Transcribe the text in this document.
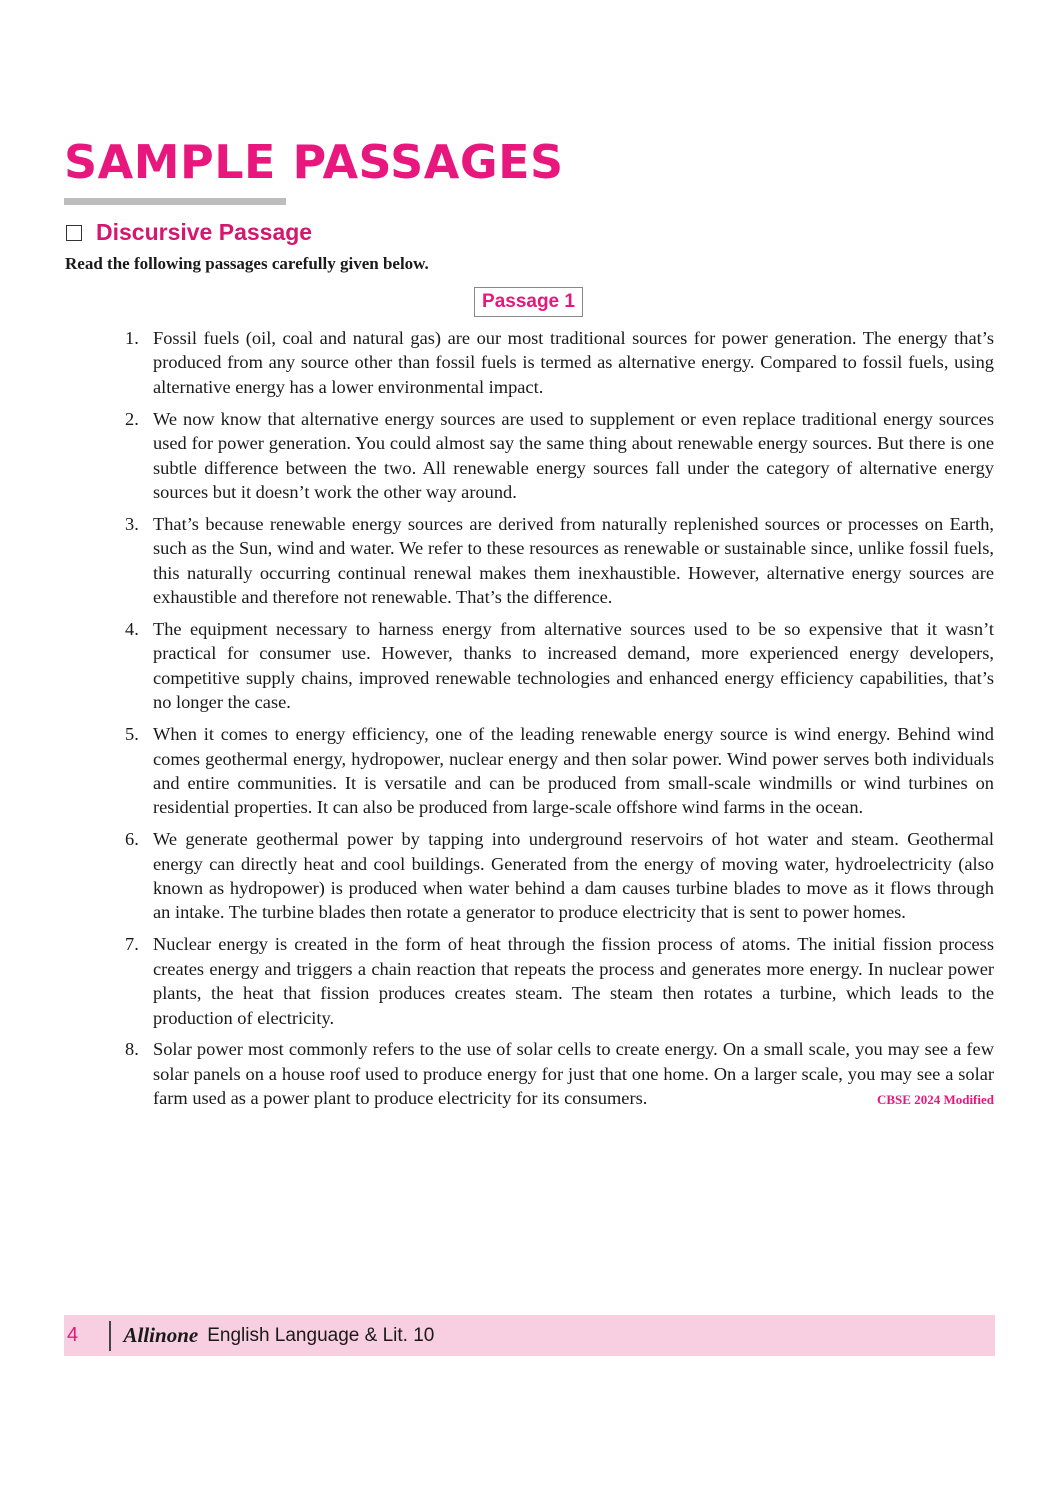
SAMPLE PASSAGES
Discursive Passage
Read the following passages carefully given below.
Passage 1
1. Fossil fuels (oil, coal and natural gas) are our most traditional sources for power generation. The energy that’s produced from any source other than fossil fuels is termed as alternative energy. Compared to fossil fuels, using alternative energy has a lower environmental impact.
2. We now know that alternative energy sources are used to supplement or even replace traditional energy sources used for power generation. You could almost say the same thing about renewable energy sources. But there is one subtle difference between the two. All renewable energy sources fall under the category of alternative energy sources but it doesn’t work the other way around.
3. That’s because renewable energy sources are derived from naturally replenished sources or processes on Earth, such as the Sun, wind and water. We refer to these resources as renewable or sustainable since, unlike fossil fuels, this naturally occurring continual renewal makes them inexhaustible. However, alternative energy sources are exhaustible and therefore not renewable. That’s the difference.
4. The equipment necessary to harness energy from alternative sources used to be so expensive that it wasn’t practical for consumer use. However, thanks to increased demand, more experienced energy developers, competitive supply chains, improved renewable technologies and enhanced energy efficiency capabilities, that’s no longer the case.
5. When it comes to energy efficiency, one of the leading renewable energy source is wind energy. Behind wind comes geothermal energy, hydropower, nuclear energy and then solar power. Wind power serves both individuals and entire communities. It is versatile and can be produced from small-scale windmills or wind turbines on residential properties. It can also be produced from large-scale offshore wind farms in the ocean.
6. We generate geothermal power by tapping into underground reservoirs of hot water and steam. Geothermal energy can directly heat and cool buildings. Generated from the energy of moving water, hydroelectricity (also known as hydropower) is produced when water behind a dam causes turbine blades to move as it flows through an intake. The turbine blades then rotate a generator to produce electricity that is sent to power homes.
7. Nuclear energy is created in the form of heat through the fission process of atoms. The initial fission process creates energy and triggers a chain reaction that repeats the process and generates more energy. In nuclear power plants, the heat that fission produces creates steam. The steam then rotates a turbine, which leads to the production of electricity.
8. Solar power most commonly refers to the use of solar cells to create energy. On a small scale, you may see a few solar panels on a house roof used to produce energy for just that one home. On a larger scale, you may see a solar farm used as a power plant to produce electricity for its consumers.	CBSE 2024 Modified
4	Allinone English Language & Lit. 10
